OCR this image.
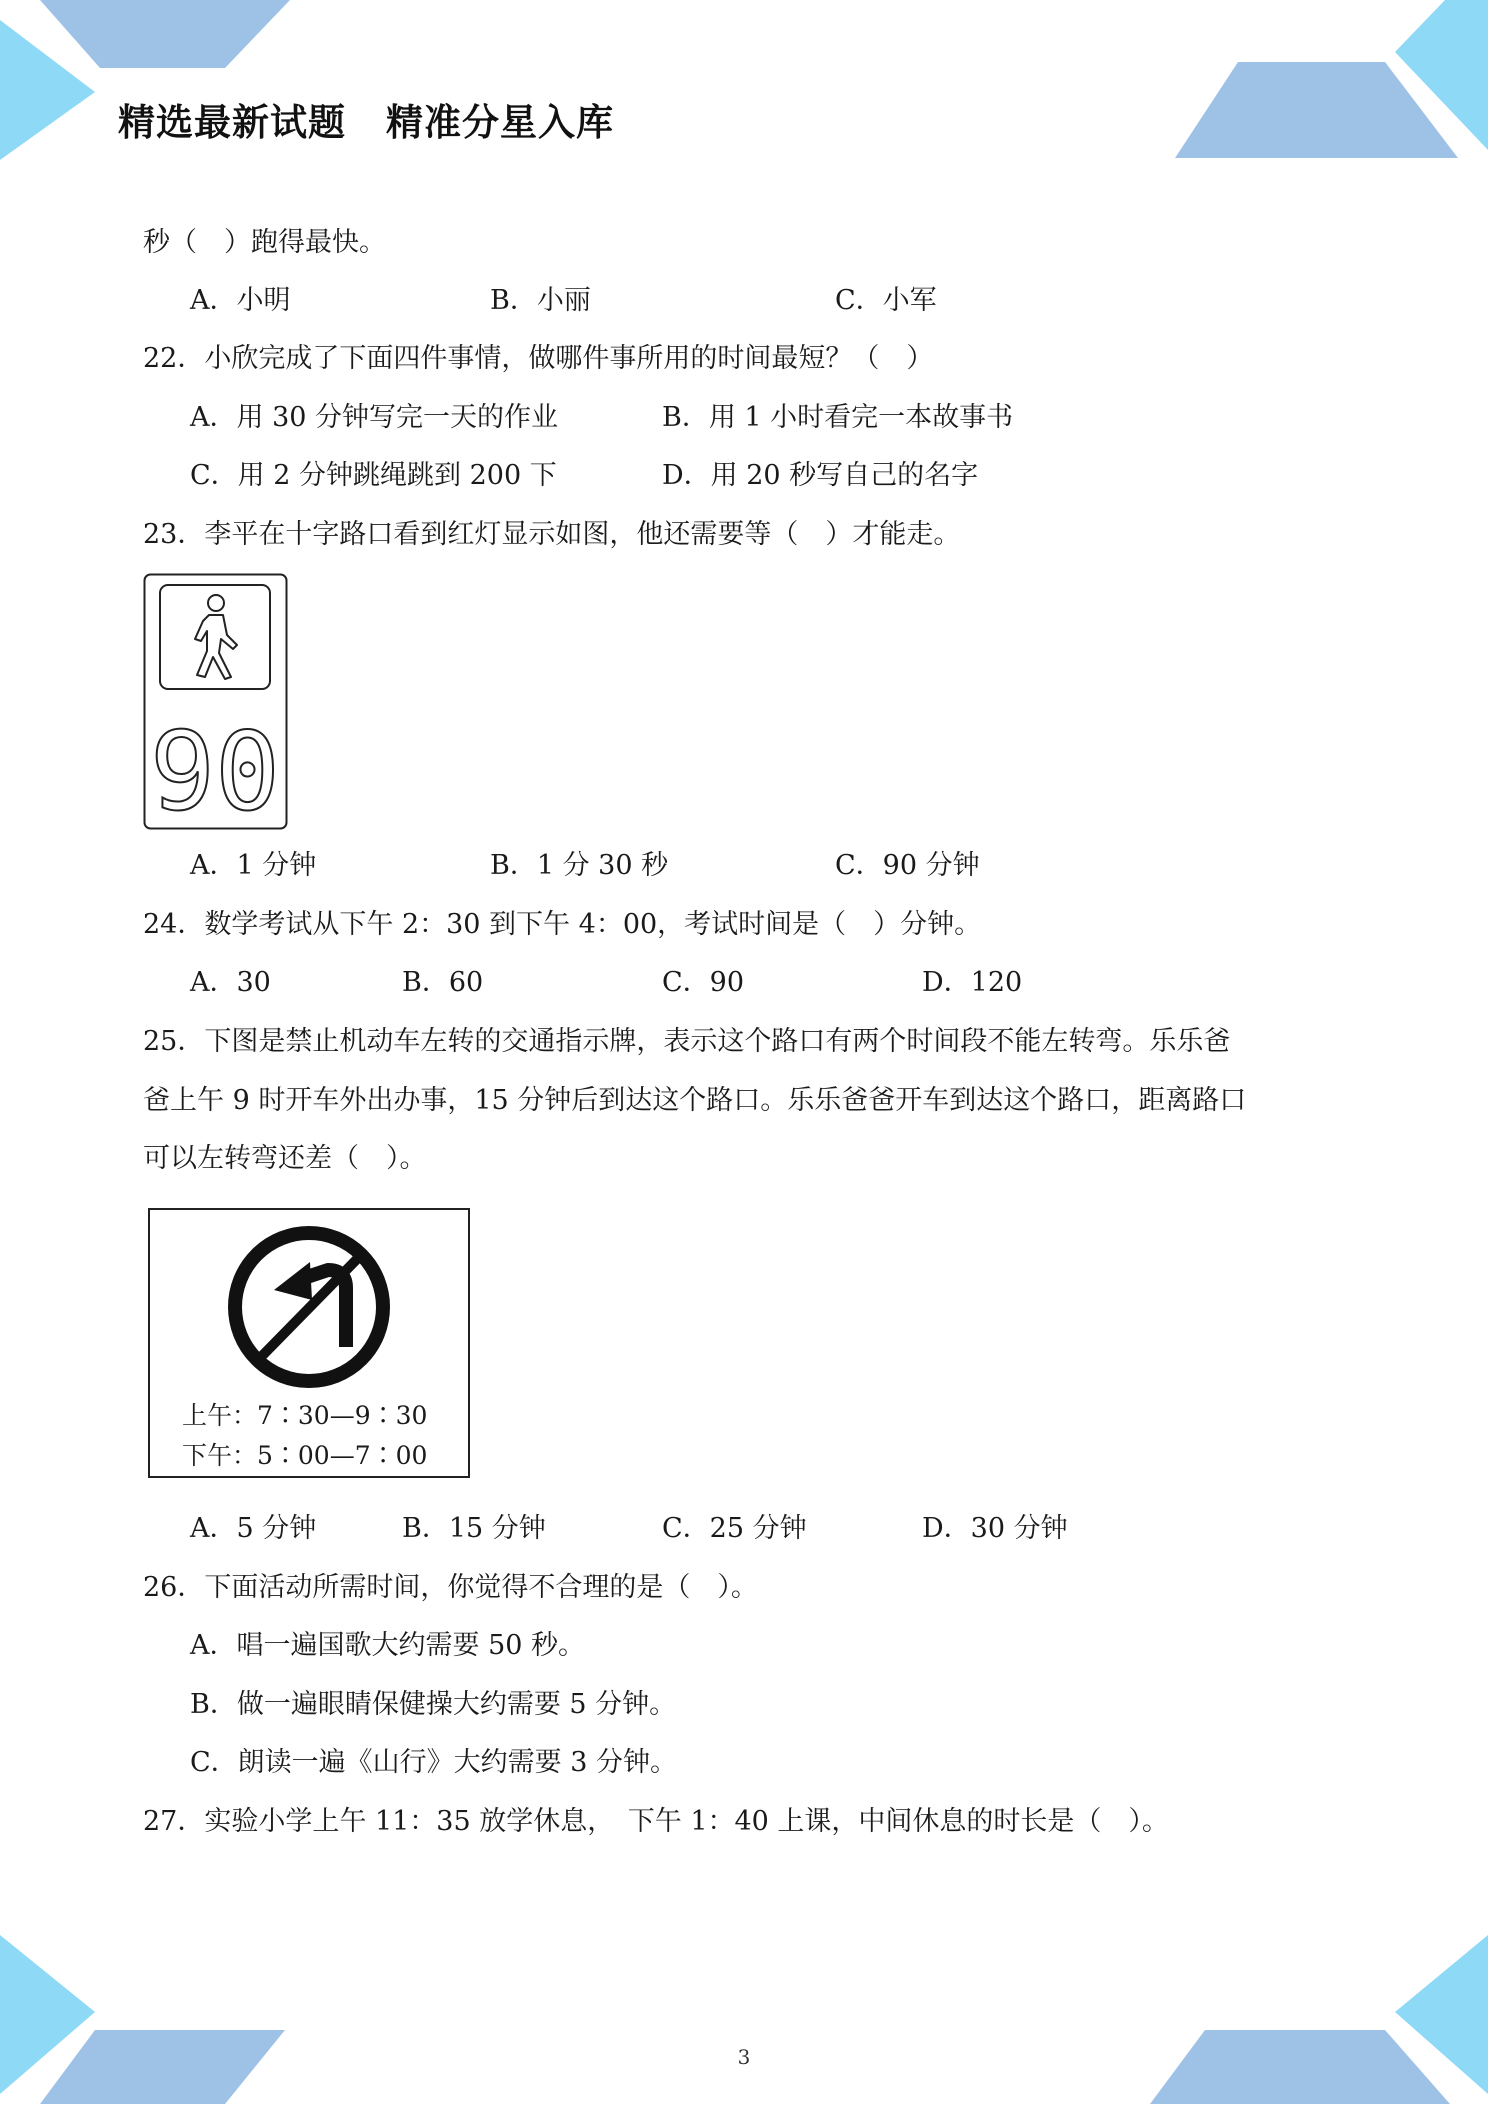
精选最新试题 精准分星入库
秒（　）跑得最快。
A．小明	B．小丽	C．小军
22．小欣完成了下面四件事情，做哪件事所用的时间最短？（　）
A．用 30 分钟写完一天的作业	B．用 1 小时看完一本故事书
C．用 2 分钟跳绳跳到 200 下	D．用 20 秒写自己的名字
23．李平在十字路口看到红灯显示如图，他还需要等（　）才能走。
90
A．1 分钟	B．1 分 30 秒	C．90 分钟
24．数学考试从下午 2：30 到下午 4：00，考试时间是（　）分钟。
A．30	B．60	C．90	D．120
25．下图是禁止机动车左转的交通指示牌，表示这个路口有两个时间段不能左转弯。乐乐爸
爸上午 9 时开车外出办事，15 分钟后到达这个路口。乐乐爸爸开车到达这个路口，距离路口
可以左转弯还差（　）。
上午：7∶30—9∶30
下午：5∶00—7∶00
A．5 分钟	B．15 分钟	C．25 分钟	D．30 分钟
26．下面活动所需时间，你觉得不合理的是（　）。
A．唱一遍国歌大约需要 50 秒。
B．做一遍眼睛保健操大约需要 5 分钟。
C．朗读一遍《山行》大约需要 3 分钟。
27．实验小学上午 11：35 放学休息，　下午 1：40 上课，中间休息的时长是（　）。
3
